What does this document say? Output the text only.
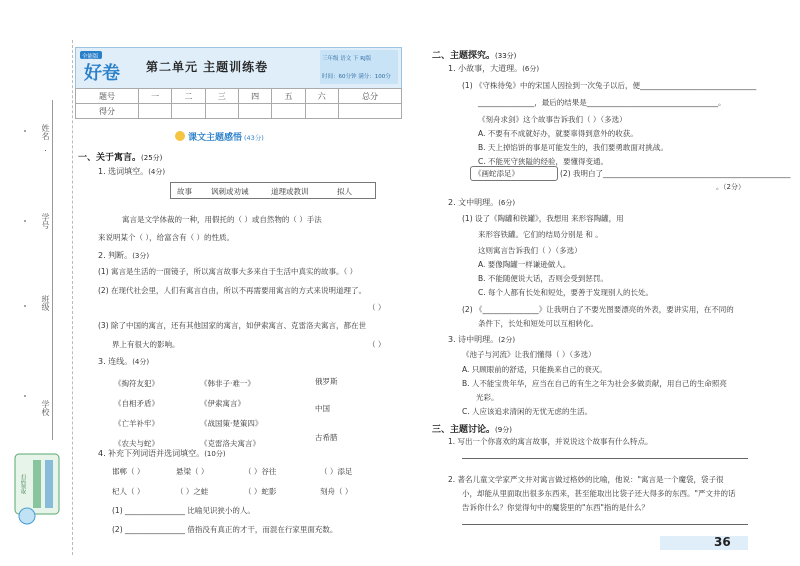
姓名
学号
班级
学校
扫码领取
全能版
好卷 第二单元 主题训练卷
三年级 语文 下 RJ版
时间：60分钟 满分：100分
题号	一	二	三	四	五	六	总分
得分							
课文主题感悟 (43分)
一、关于寓言。(25分)
1. 选词填空。(4分)
故事	讽刺或劝诫	道理或教训	拟人
寓言是文学体裁的一种，用假托的（ ）或自然物的（ ）手法
来说明某个（ ），给富含有（ ）的性质。
2. 判断。(3分)
(1) 寓言是生活的一面镜子，所以寓言故事大多来自于生活中真实的故事。（ ）
(2) 在现代社会里，人们有寓言自由，所以不再需要用寓言的方式来说明道理了。
（ ）
(3) 除了中国的寓言，还有其他国家的寓言，如伊索寓言、克雷洛夫寓言，都在世
界上有很大的影响。	（ ）
3. 连线。(4分)
《掏符友犯》
《自相矛盾》
《亡羊补牢》
《农夫与蛇》
《韩非子·难一》
《伊索寓言》
《战国策·楚策四》
《克雷洛夫寓言》
俄罗斯
中国
古希腊
4. 补充下列词语并选词填空。(10分)
邯郸（ ）	悬梁（ ）	（ ）谷往	（ ）添足
杞人（ ）	（ ）之蛙	（ ）蛇影	刻舟（ ）
(1) ________________ 比喻见识狭小的人。
(2) ________________ 借指没有真正的才干，而混在行家里面充数。
二、主题探究。(33分)
1. 小故事，大道理。(6分)
(1) 《守株待兔》中的宋国人因捡到一次兔子以后，便_______________________________
_______________，最后的结果是___________________________________。
《刻舟求剑》这个故事告诉我们（ ）（多选）
A. 不要有不成就好办，就要辜得到意外的收获。
B. 天上掉馅饼的事是可能发生的，我们要勇敢面对挑战。
C. 不能死守狭隘的经验，要懂得变通。
《画蛇添足》	(2) 我明白了__________________________________________________
。（2分）
2. 文中明理。(6分)
(1) 设了《陶罐和铁罐》，我想用 来形容陶罐，用
来形容铁罐。它们的结局分别是 和 。
这则寓言告诉我们（ ）（多选）
A. 要像陶罐一样谦逊做人。
B. 不能随便说大话，否则会受到惩罚。
C. 每个人都有长处和短处，要善于发现别人的长处。
(2) 《_______________》让我明白了不要光图要漂亮的外表，要讲实用，在不同的
条件下，长处和短处可以互相转化。
3. 诗中明理。(2分)
《池子与河流》让我们懂得（ ）（多选）
A. 只顾眼前的舒适，只能换来自己的衰灭。
B. 人不能宝贵年华，应当在自己的有生之年为社会多做贡献，用自己的生命照亮
光彩。
C. 人应该追求清闲的无忧无虑的生活。
三、主题讨论。(9分)
1. 写出一个你喜欢的寓言故事，并说说这个故事有什么特点。
2. 著名儿童文学家严文井对寓言做过格妙的比喻，他说："寓言是一个魔袋，袋子很
小，却能从里面取出很多东西来，甚至能取出比袋子还大得多的东西。"严文井的话
告诉你什么？你觉得句中的魔袋里的"东西"指的是什么？
36
